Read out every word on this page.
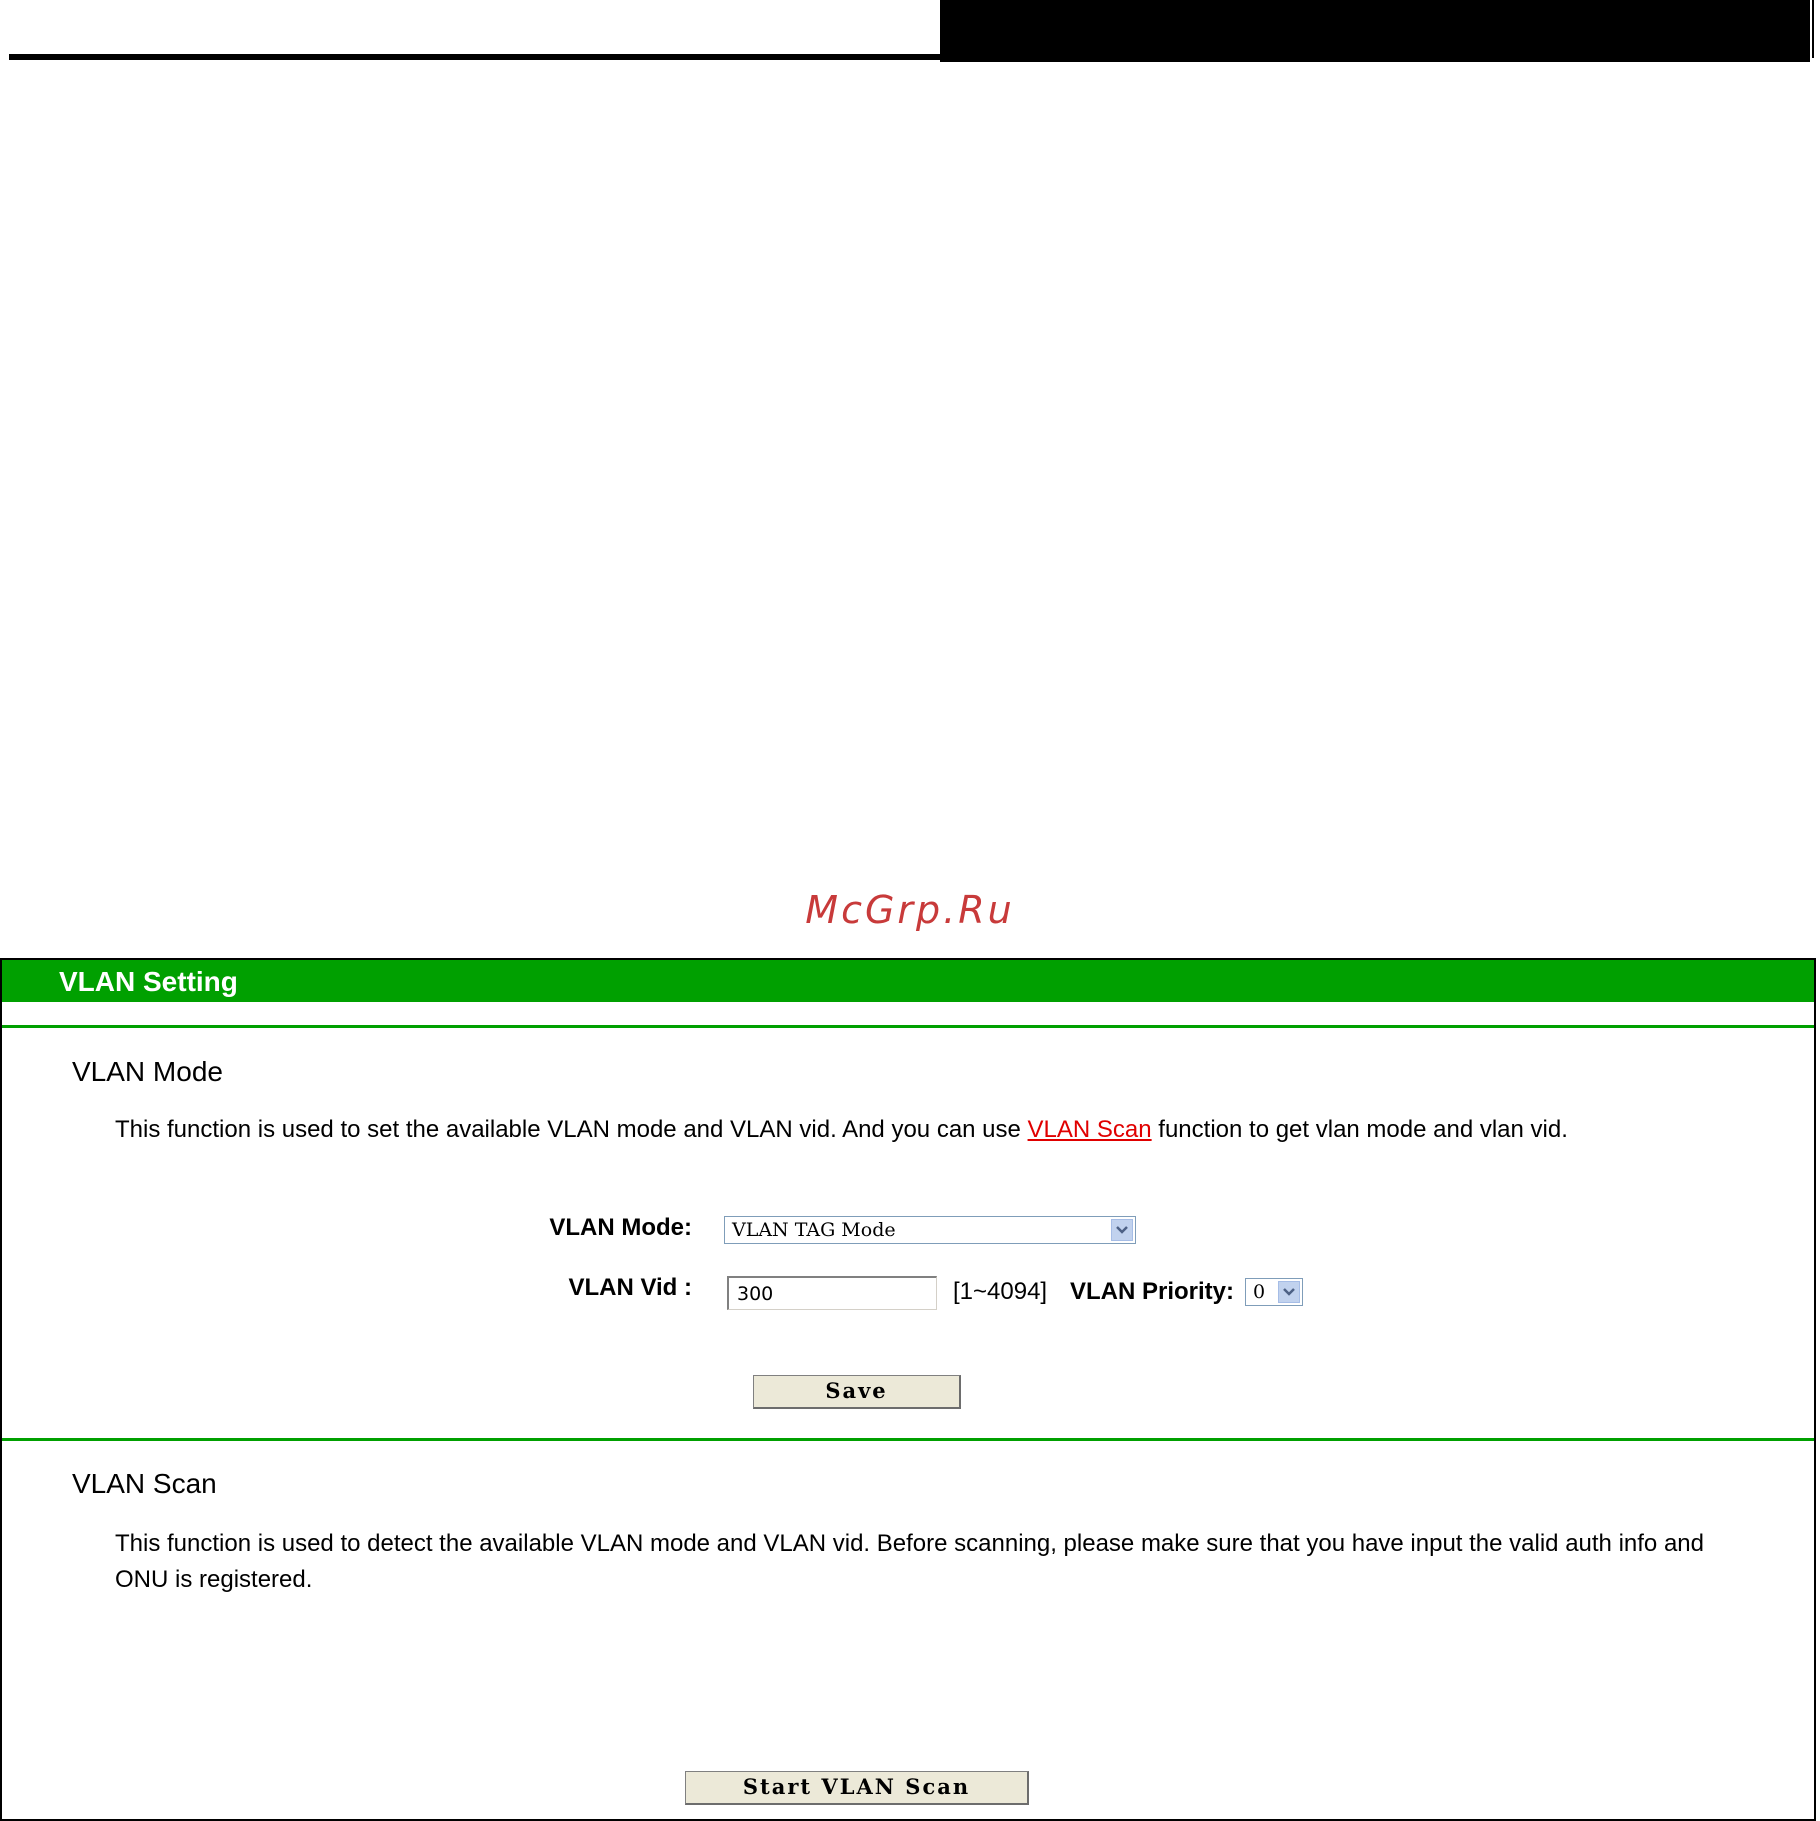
McGrp.Ru
VLAN Setting
VLAN Mode
This function is used to set the available VLAN mode and VLAN vid. And you can use VLAN Scan function to get vlan mode and vlan vid.
VLAN Mode:	VLAN TAG Mode
VLAN Vid :	300	[1~4094] VLAN Priority: 0
Save
VLAN Scan
This function is used to detect the available VLAN mode and VLAN vid. Before scanning, please make sure that you have input the valid auth info and ONU is registered.
Start VLAN Scan
